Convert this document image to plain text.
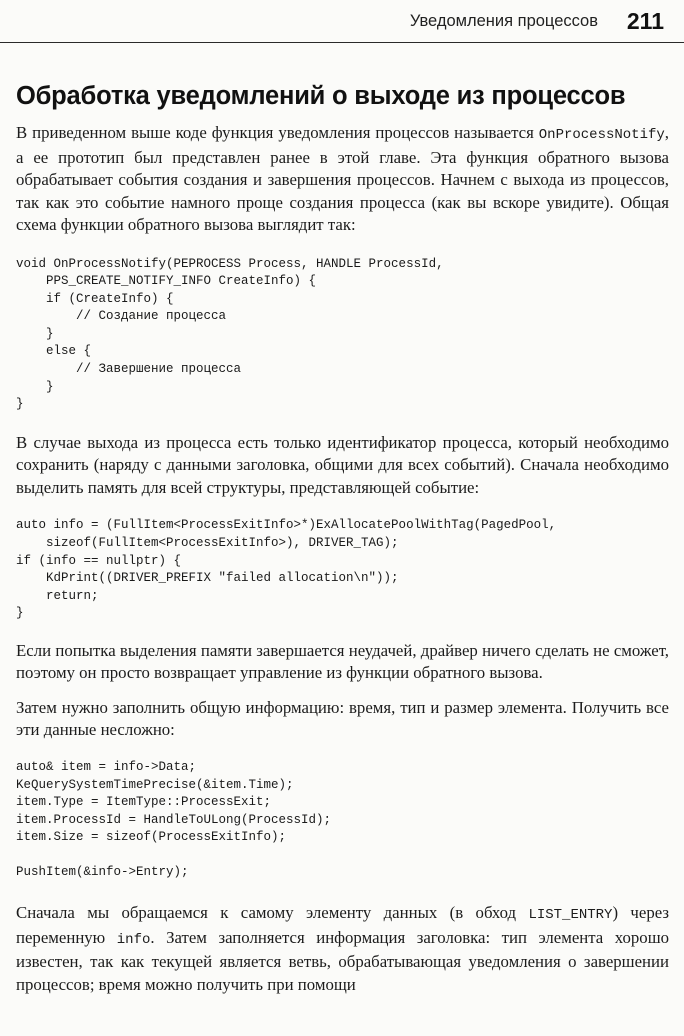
Уведомления процессов 211
Обработка уведомлений о выходе из процессов

В приведенном выше коде функция уведомления процессов называется OnProcessNotify, а ее прототип был представлен ранее в этой главе. Эта функция обратного вызова обрабатывает события создания и завершения процессов. Начнем с выхода из процессов, так как это событие намного проще создания процесса (как вы вскоре увидите). Общая схема функции обратного вызова выглядит так:

void OnProcessNotify(PEPROCESS Process, HANDLE ProcessId,
PPS_CREATE_NOTIFY_INFO CreateInfo) {
if (CreateInfo) {
// Создание процесса
}
else {
// Завершение процесса
}
}

В случае выхода из процесса есть только идентификатор процесса, который необходимо сохранить (наряду с данными заголовка, общими для всех событий). Сначала необходимо выделить память для всей структуры, представляющей событие:

auto info = (FullItem<ProcessExitInfo>*)ExAllocatePoolWithTag(PagedPool,
sizeof(FullItem<ProcessExitInfo>), DRIVER_TAG);
if (info == nullptr) {
KdPrint((DRIVER_PREFIX "failed allocation\n"));
return;
}

Если попытка выделения памяти завершается неудачей, драйвер ничего сделать не сможет, поэтому он просто возвращает управление из функции обратного вызова.

Затем нужно заполнить общую информацию: время, тип и размер элемента. Получить все эти данные несложно:

auto& item = info->Data;
KeQuerySystemTimePrecise(&item.Time);
item.Type = ItemType::ProcessExit;
item.ProcessId = HandleToULong(ProcessId);
item.Size = sizeof(ProcessExitInfo);

PushItem(&info->Entry);

Сначала мы обращаемся к самому элементу данных (в обход LIST_ENTRY) через переменную info. Затем заполняется информация заголовка: тип элемента хорошо известен, так как текущей является ветвь, обрабатывающая уведомления о завершении процессов; время можно получить при помощи
